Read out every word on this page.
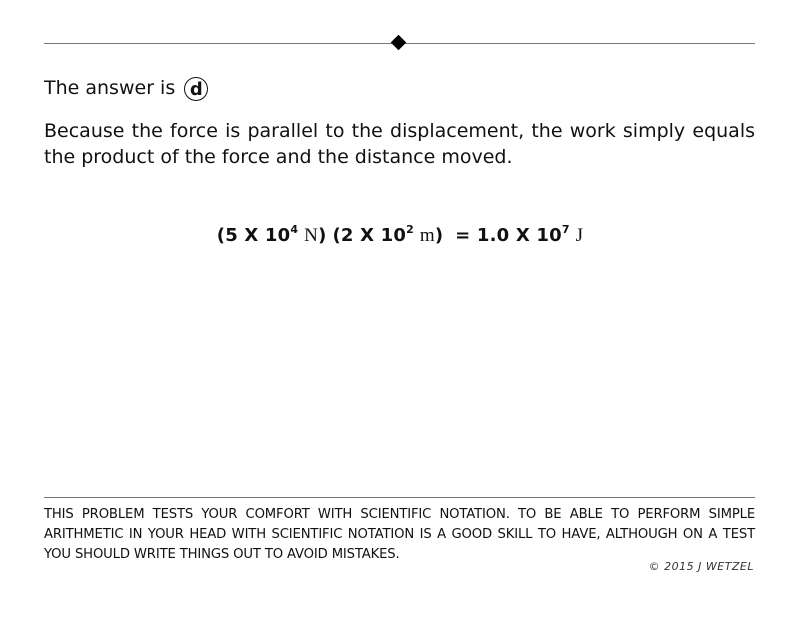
The answer is d
Because the force is parallel to the displacement, the work simply equals the product of the force and the distance moved.
(5 X $10^4$ N) (2 X $10^2$ m) = 1.0 X $10^7$ J
THIS PROBLEM TESTS YOUR COMFORT WITH SCIENTIFIC NOTATION. TO BE ABLE TO PERFORM SIMPLE ARITHMETIC IN YOUR HEAD WITH SCIENTIFIC NOTATION IS A GOOD SKILL TO HAVE, ALTHOUGH ON A TEST YOU SHOULD WRITE THINGS OUT TO AVOID MISTAKES.
© 2015 J WETZEL
